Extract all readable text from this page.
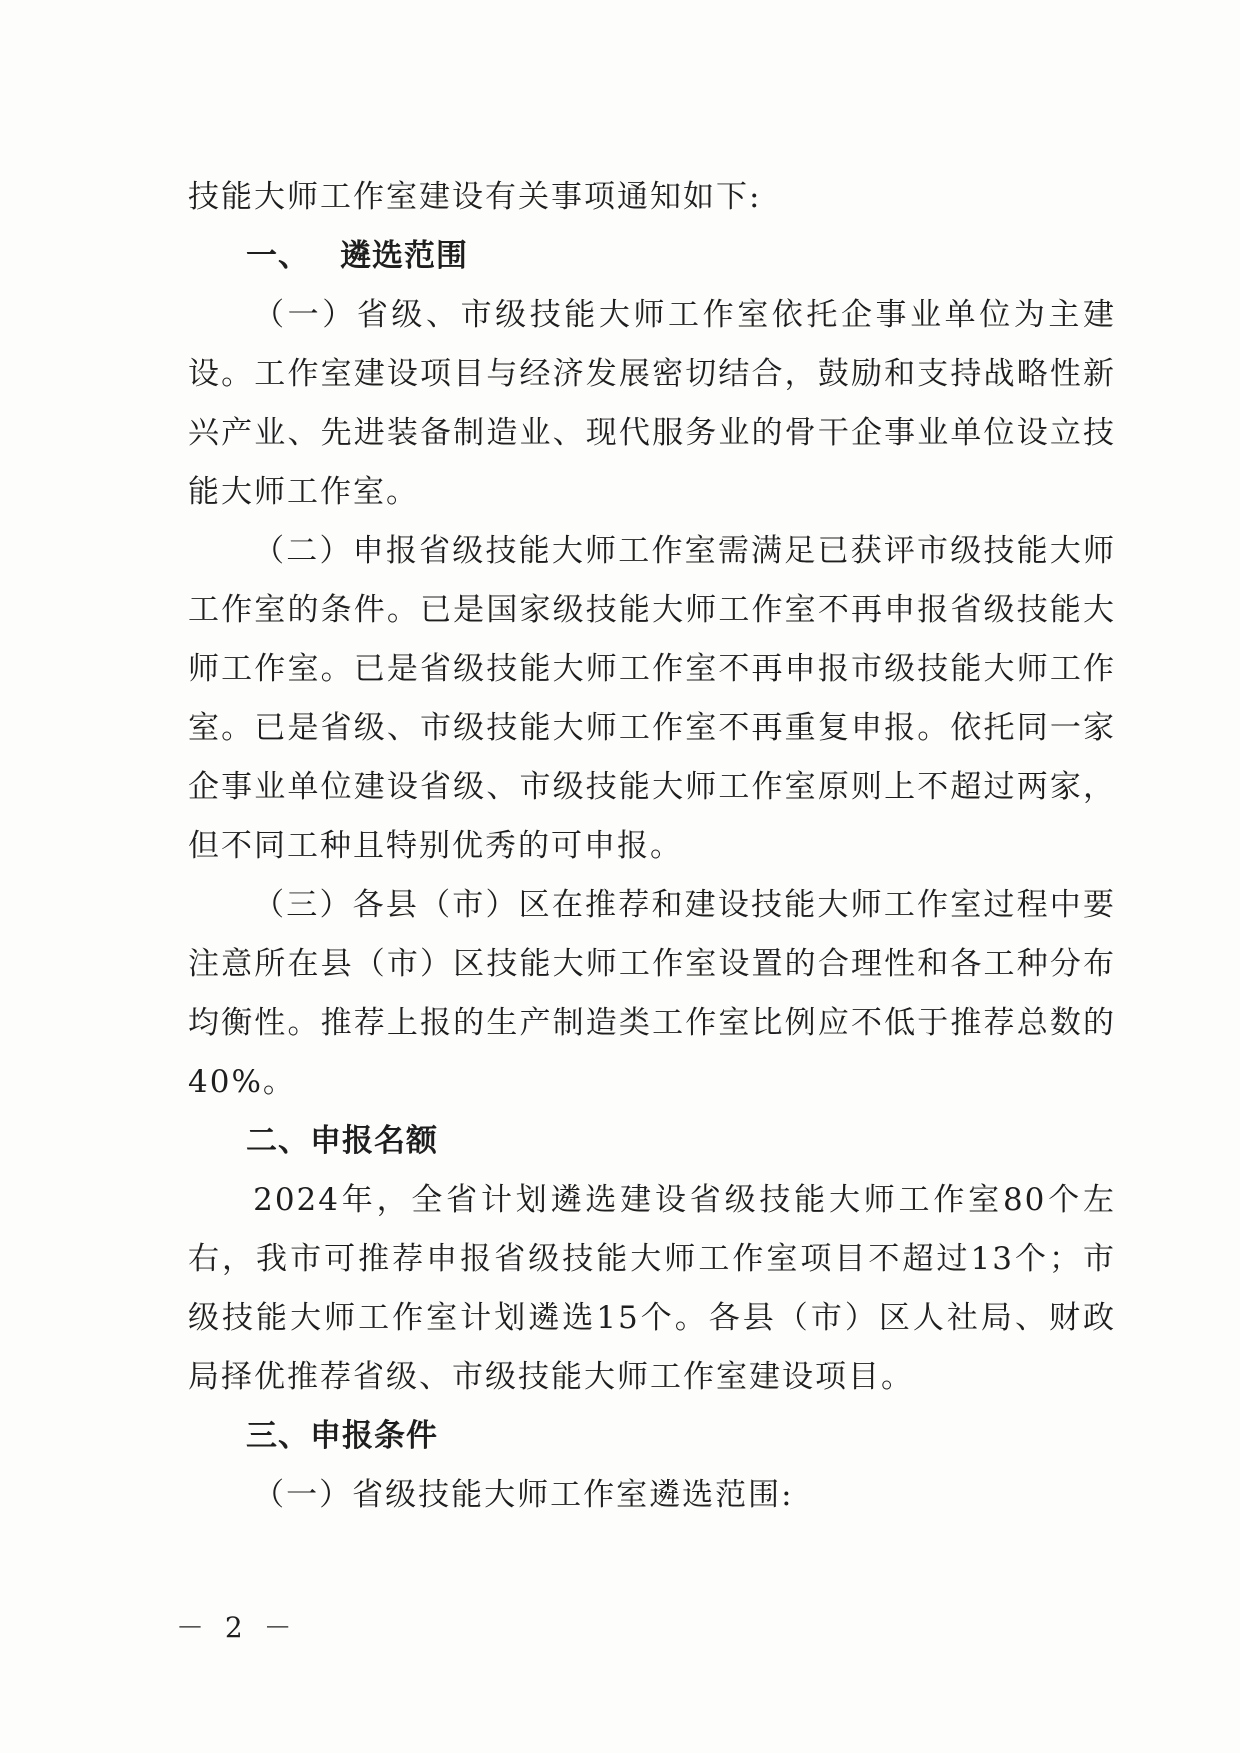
技能大师工作室建设有关事项通知如下:

一、 遴选范围

（一）省级、市级技能大师工作室依托企事业单位为主建设。工作室建设项目与经济发展密切结合，鼓励和支持战略性新兴产业、先进装备制造业、现代服务业的骨干企事业单位设立技能大师工作室。

（二）申报省级技能大师工作室需满足已获评市级技能大师工作室的条件。已是国家级技能大师工作室不再申报省级技能大师工作室。已是省级技能大师工作室不再申报市级技能大师工作室。已是省级、市级技能大师工作室不再重复申报。依托同一家企事业单位建设省级、市级技能大师工作室原则上不超过两家，但不同工种且特别优秀的可申报。

（三）各县（市）区在推荐和建设技能大师工作室过程中要注意所在县（市）区技能大师工作室设置的合理性和各工种分布均衡性。推荐上报的生产制造类工作室比例应不低于推荐总数的40%。

二、申报名额

2024年，全省计划遴选建设省级技能大师工作室80个左右，我市可推荐申报省级技能大师工作室项目不超过13个；市级技能大师工作室计划遴选15个。各县（市）区人社局、财政局择优推荐省级、市级技能大师工作室建设项目。

三、申报条件

（一）省级技能大师工作室遴选范围:

－ 2 －
